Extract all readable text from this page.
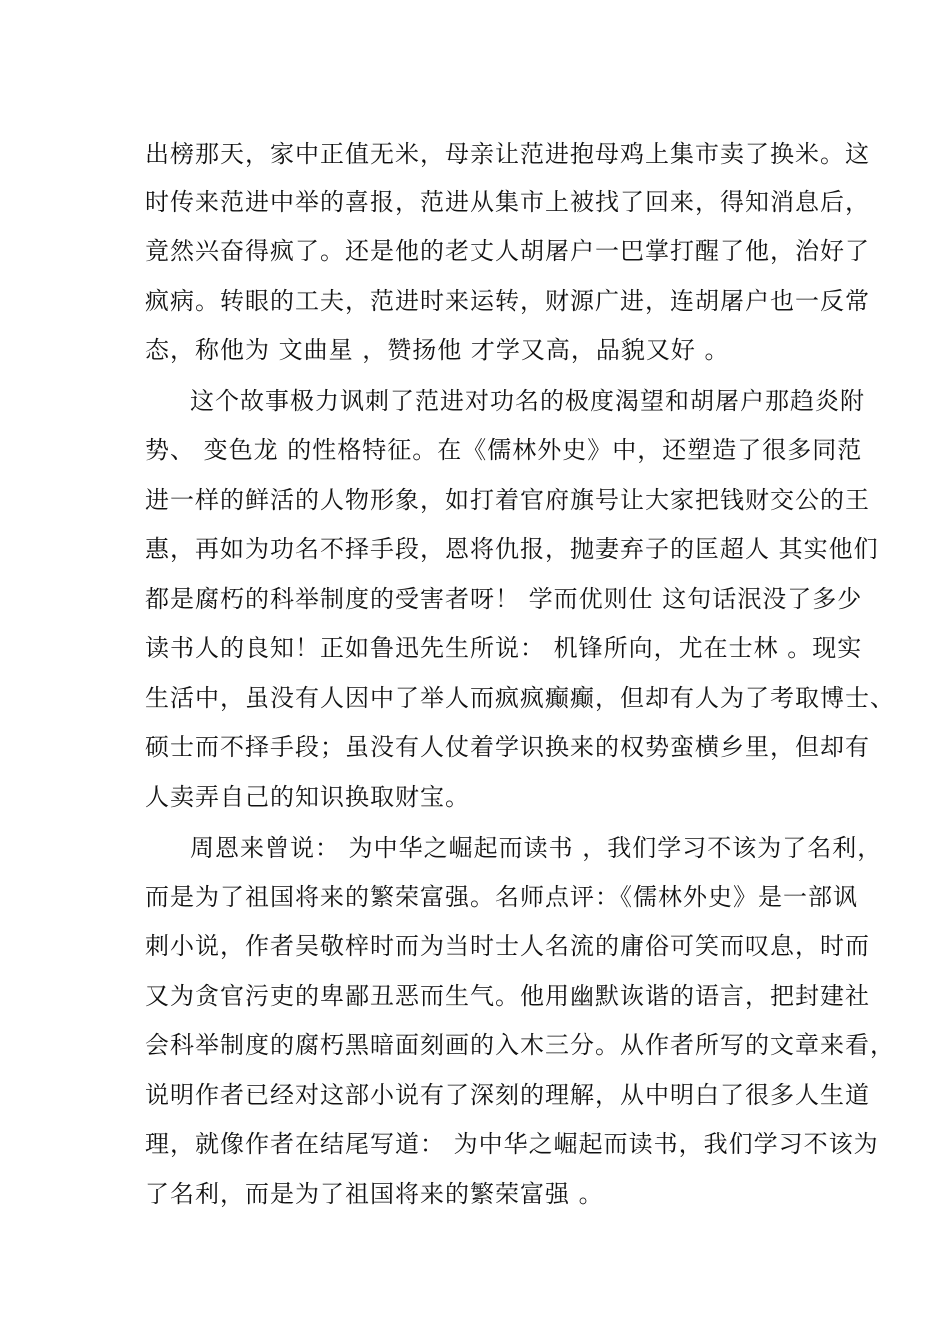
出榜那天，家中正值无米，母亲让范进抱母鸡上集市卖了换米。这
时传来范进中举的喜报，范进从集市上被找了回来，得知消息后，
竟然兴奋得疯了。还是他的老丈人胡屠户一巴掌打醒了他，治好了
疯病。转眼的工夫，范进时来运转，财源广进，连胡屠户也一反常
态，称他为 文曲星 ，赞扬他 才学又高，品貌又好 。
这个故事极力讽刺了范进对功名的极度渴望和胡屠户那趋炎附
势、 变色龙 的性格特征。在《儒林外史》中，还塑造了很多同范
进一样的鲜活的人物形象，如打着官府旗号让大家把钱财交公的王
惠，再如为功名不择手段，恩将仇报，抛妻弃子的匡超人 其实他们
都是腐朽的科举制度的受害者呀！ 学而优则仕 这句话泯没了多少
读书人的良知！正如鲁迅先生所说： 机锋所向，尤在士林 。现实
生活中，虽没有人因中了举人而疯疯癫癫，但却有人为了考取博士、
硕士而不择手段；虽没有人仗着学识换来的权势蛮横乡里，但却有
人卖弄自己的知识换取财宝。
周恩来曾说： 为中华之崛起而读书 ，我们学习不该为了名利，
而是为了祖国将来的繁荣富强。名师点评：《儒林外史》是一部讽
刺小说，作者吴敬梓时而为当时士人名流的庸俗可笑而叹息，时而
又为贪官污吏的卑鄙丑恶而生气。他用幽默诙谐的语言，把封建社
会科举制度的腐朽黑暗面刻画的入木三分。从作者所写的文章来看，
说明作者已经对这部小说有了深刻的理解，从中明白了很多人生道
理，就像作者在结尾写道： 为中华之崛起而读书，我们学习不该为
了名利，而是为了祖国将来的繁荣富强 。
